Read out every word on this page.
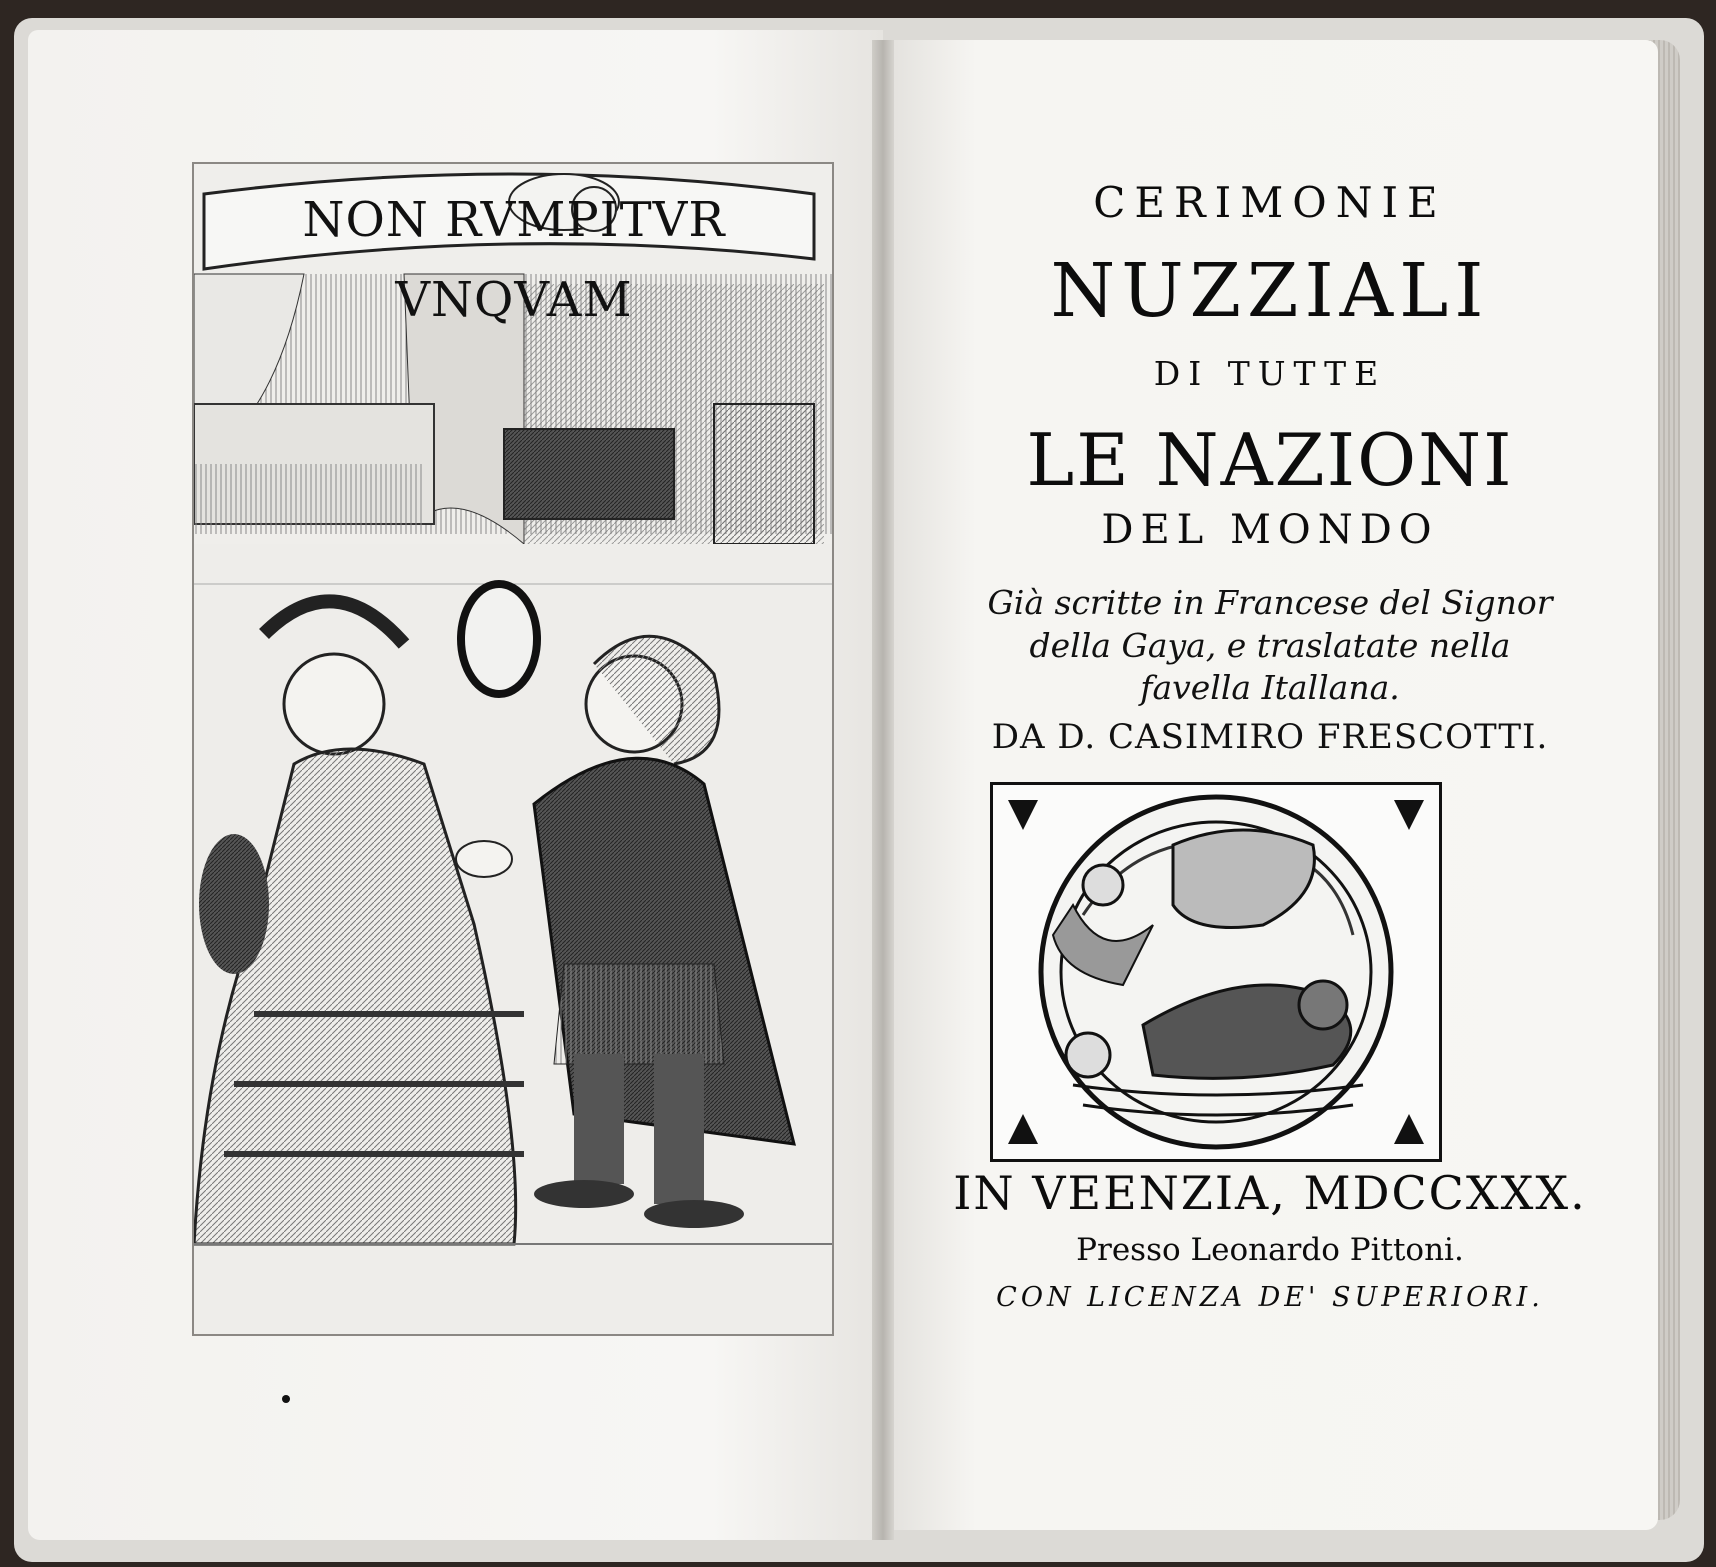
NON RVMPITVR VNQVAM
CERIMONIE
NUZZIALI
DI TUTTE
LE NAZIONI
DEL MONDO
Già scritte in Francese del Signor
della Gaya, e traslatate nella
favella Itallana.
DA D. CASIMIRO FRESCOTTI.
IN VEENZIA, MDCCXXX.
Presso Leonardo Pittoni.
CON LICENZA DE' SUPERIORI.
